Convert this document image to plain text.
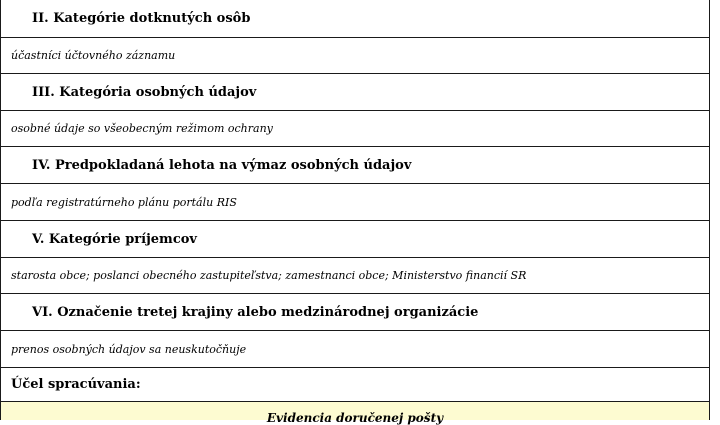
II. Kategórie dotknutých osôb
účastníci účtovného záznamu
III. Kategória osobných údajov
osobné údaje so všeobecným režimom ochrany
IV. Predpokladaná lehota na výmaz osobných údajov
podľa registratúrneho plánu portálu RIS
V. Kategórie príjemcov
starosta obce; poslanci obecného zastupiteľstva; zamestnanci obce; Ministerstvo financií SR
VI. Označenie tretej krajiny alebo medzinárodnej organizácie
prenos osobných údajov sa neuskutočňuje
Účel spracúvania:
Evidencia doručenej pošty
